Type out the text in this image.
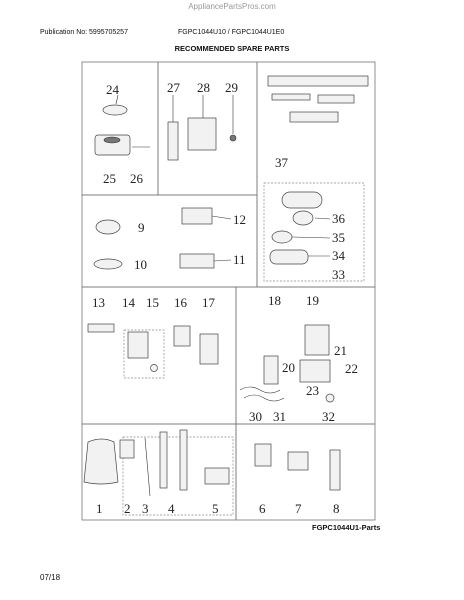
AppliancePartsPros.com
Publication No: 5995705257	FGPC1044U10 / FGPC1044U1E0
RECOMMENDED SPARE PARTS
24
25 26
27 28 29
37
9
10
12
11
36
35
34
33
13 14 15 16 17	18 19
20
21
22
23
30 31	32
1 2 3 4	5	6 7 8
FGPC1044U1-Parts
07/18
